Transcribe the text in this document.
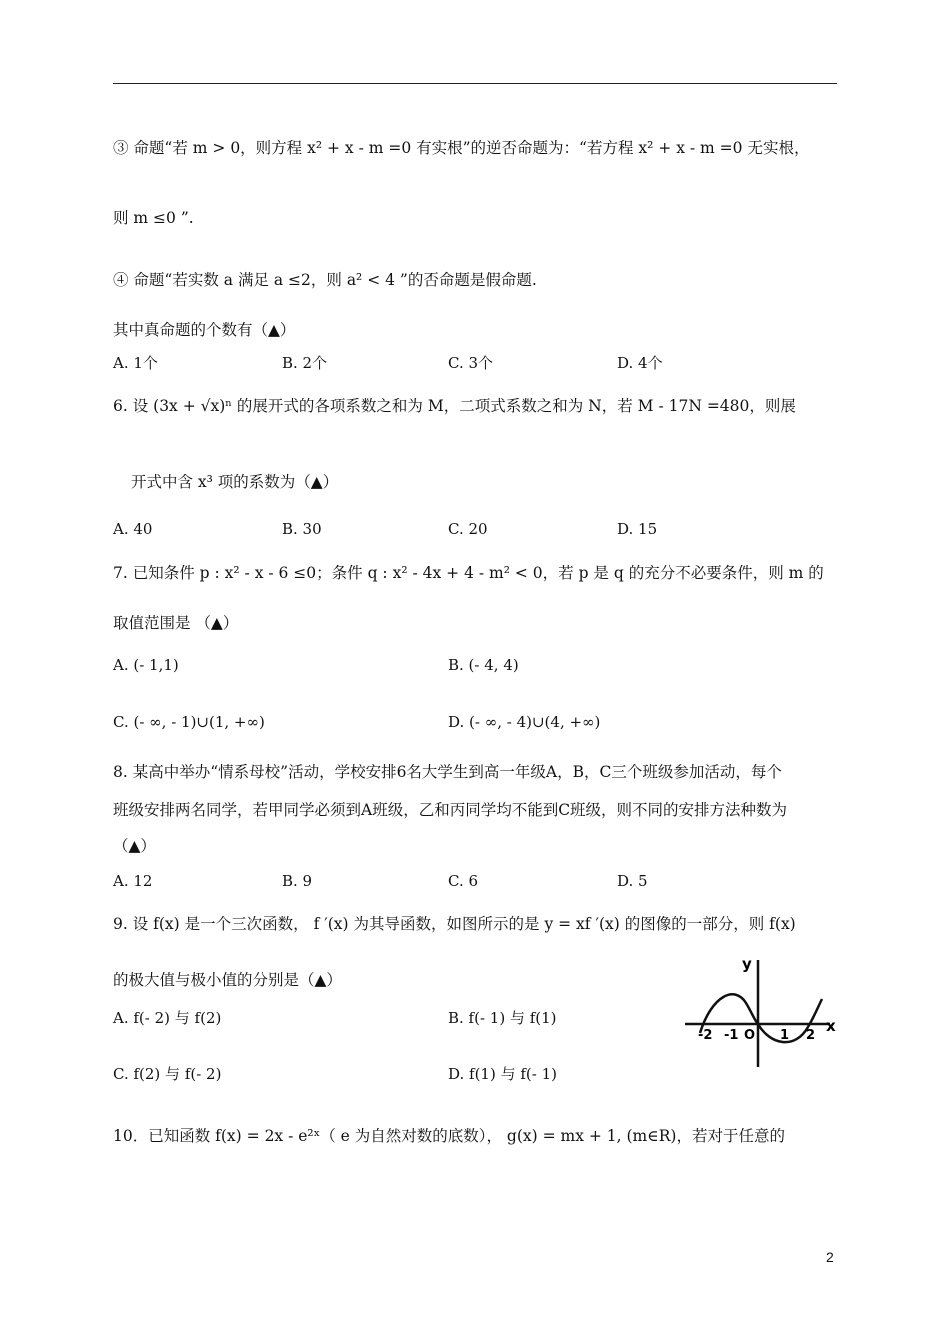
③ 命题“若 m > 0，则方程 x² + x - m =0 有实根”的逆否命题为：“若方程 x² + x - m =0 无实根，
则 m ≤0 ”.
④ 命题“若实数 a 满足 a ≤2，则 a² < 4 ”的否命题是假命题.
其中真命题的个数有（▲）
A. 1个	B. 2个	C. 3个	D. 4个
6. 设 (3x + √x)ⁿ 的展开式的各项系数之和为 M，二项式系数之和为 N，若 M - 17N =480，则展
开式中含 x³ 项的系数为（▲）
A. 40	B. 30	C. 20	D. 15
7. 已知条件 p : x² - x - 6 ≤0；条件 q : x² - 4x + 4 - m² < 0，若 p 是 q 的充分不必要条件，则 m 的
取值范围是 （▲）
A. (- 1,1)	B. (- 4, 4)
C. (- ∞, - 1)∪(1, +∞)	D. (- ∞, - 4)∪(4, +∞)
8. 某高中举办“情系母校”活动，学校安排6名大学生到高一年级A，B，C三个班级参加活动，每个
班级安排两名同学，若甲同学必须到A班级，乙和丙同学均不能到C班级，则不同的安排方法种数为
（▲）
A. 12	B. 9	C. 6	D. 5
9. 设 f(x) 是一个三次函数， f ′(x) 为其导函数，如图所示的是 y = xf ′(x) 的图像的一部分，则 f(x)
的极大值与极小值的分别是（▲）
A. f(- 2) 与 f(2)	B. f(- 1) 与 f(1)
C. f(2) 与 f(- 2)	D. f(1) 与 f(- 1)
y
x
-2 -1 O 1 2
10．已知函数 f(x) = 2x - e²ˣ（ e 为自然对数的底数）， g(x) = mx + 1, (m∈R)，若对于任意的
2
